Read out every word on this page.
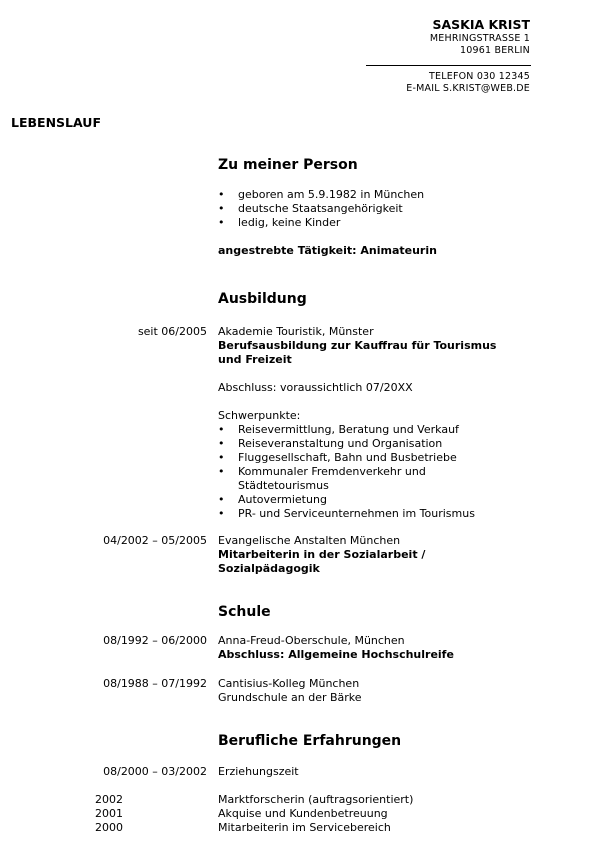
SASKIA KRIST
MEHRINGSTRASSE 1
10961 BERLIN
TELEFON 030 12345
E-MAIL S.KRIST@WEB.DE
LEBENSLAUF
Zu meiner Person
• geboren am 5.9.1982 in München
• deutsche Staatsangehörigkeit
• ledig, keine Kinder
angestrebte Tätigkeit: Animateurin
Ausbildung
seit 06/2005 Akademie Touristik, Münster
Berufsausbildung zur Kauffrau für Tourismus
und Freizeit
Abschluss: voraussichtlich 07/20XX
Schwerpunkte:
• Reisevermittlung, Beratung und Verkauf
• Reiseveranstaltung und Organisation
• Fluggesellschaft, Bahn und Busbetriebe
• Kommunaler Fremdenverkehr und Städtetourismus
• Autovermietung
• PR- und Serviceunternehmen im Tourismus
04/2002 – 05/2005 Evangelische Anstalten München
Mitarbeiterin in der Sozialarbeit /
Sozialpädagogik
Schule
08/1992 – 06/2000 Anna-Freud-Oberschule, München
Abschluss: Allgemeine Hochschulreife
08/1988 – 07/1992 Cantisius-Kolleg München
Grundschule an der Bärke
Berufliche Erfahrungen
08/2000 – 03/2002 Erziehungszeit
2002	Marktforscherin (auftragsorientiert)
2001	Akquise und Kundenbetreuung
2000	Mitarbeiterin im Servicebereich
